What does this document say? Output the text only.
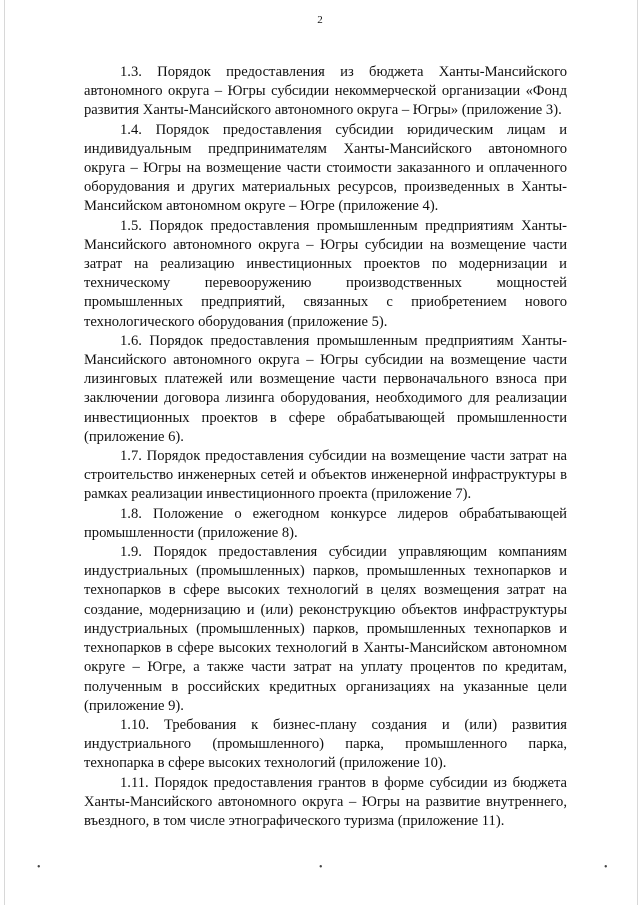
2

1.3. Порядок предоставления из бюджета Ханты-Мансийского автономного округа – Югры субсидии некоммерческой организации «Фонд развития Ханты-Мансийского автономного округа – Югры» (приложение 3).

1.4. Порядок предоставления субсидии юридическим лицам и индивидуальным предпринимателям Ханты-Мансийского автономного округа – Югры на возмещение части стоимости заказанного и оплаченного оборудования и других материальных ресурсов, произведенных в Ханты-Мансийском автономном округе – Югре (приложение 4).

1.5. Порядок предоставления промышленным предприятиям Ханты-Мансийского автономного округа – Югры субсидии на возмещение части затрат на реализацию инвестиционных проектов по модернизации и техническому перевооружению производственных мощностей промышленных предприятий, связанных с приобретением нового технологического оборудования (приложение 5).

1.6. Порядок предоставления промышленным предприятиям Ханты-Мансийского автономного округа – Югры субсидии на возмещение части лизинговых платежей или возмещение части первоначального взноса при заключении договора лизинга оборудования, необходимого для реализации инвестиционных проектов в сфере обрабатывающей промышленности (приложение 6).

1.7. Порядок предоставления субсидии на возмещение части затрат на строительство инженерных сетей и объектов инженерной инфраструктуры в рамках реализации инвестиционного проекта (приложение 7).

1.8. Положение о ежегодном конкурсе лидеров обрабатывающей промышленности (приложение 8).

1.9. Порядок предоставления субсидии управляющим компаниям индустриальных (промышленных) парков, промышленных технопарков и технопарков в сфере высоких технологий в целях возмещения затрат на создание, модернизацию и (или) реконструкцию объектов инфраструктуры индустриальных (промышленных) парков, промышленных технопарков и технопарков в сфере высоких технологий в Ханты-Мансийском автономном округе – Югре, а также части затрат на уплату процентов по кредитам, полученным в российских кредитных организациях на указанные цели (приложение 9).

1.10. Требования к бизнес-плану создания и (или) развития индустриального (промышленного) парка, промышленного парка, технопарка в сфере высоких технологий (приложение 10).

1.11. Порядок предоставления грантов в форме субсидии из бюджета Ханты-Мансийского автономного округа – Югры на развитие внутреннего, въездного, в том числе этнографического туризма (приложение 11).

•	•	•
